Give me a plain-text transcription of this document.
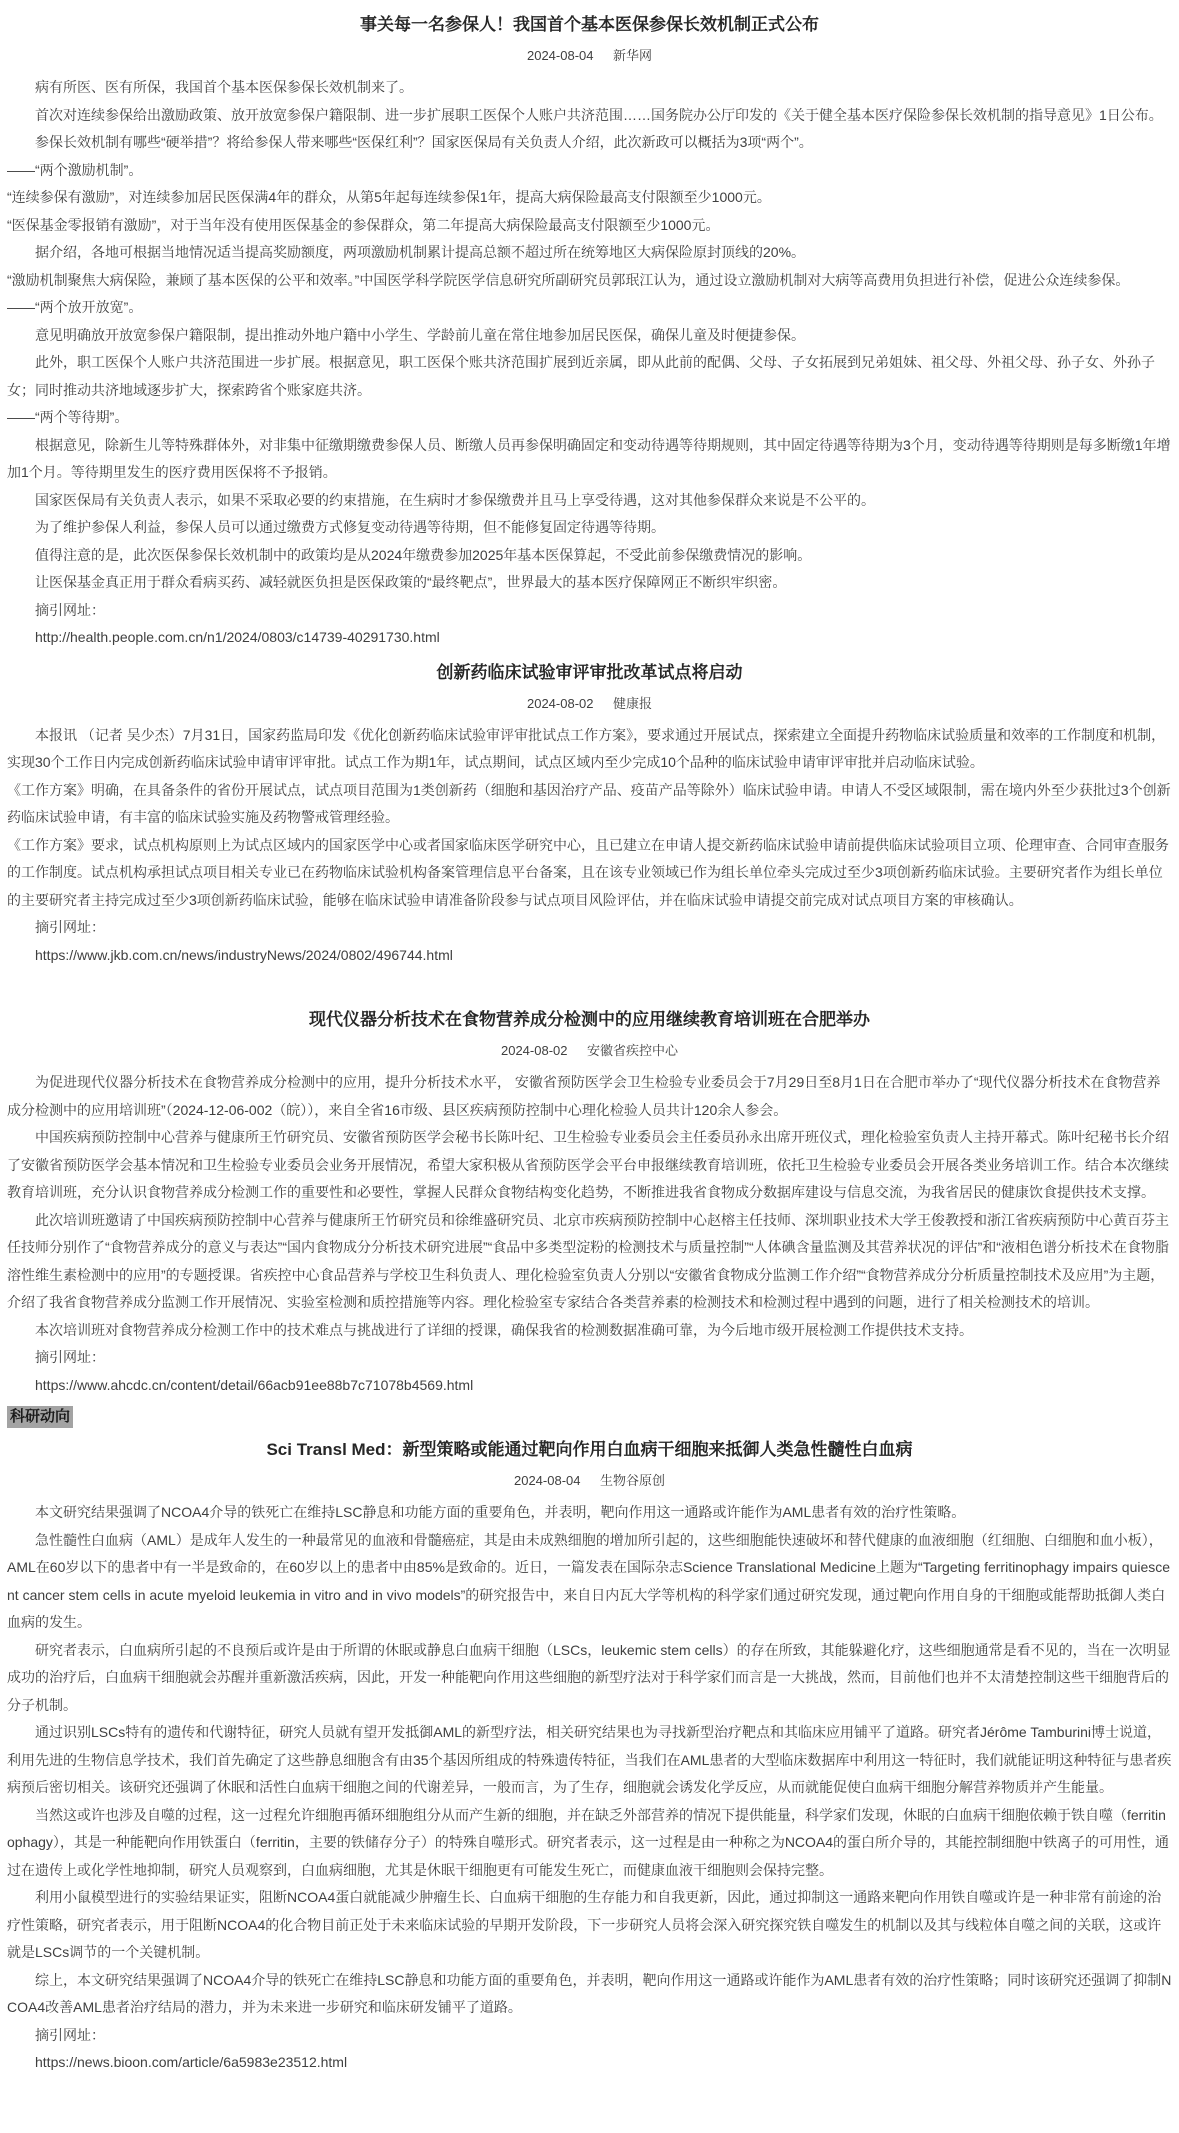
事关每一名参保人！我国首个基本医保参保长效机制正式公布
2024-08-04 新华网

病有所医、医有所保，我国首个基本医保参保长效机制来了。

首次对连续参保给出激励政策、放开放宽参保户籍限制、进一步扩展职工医保个人账户共济范围……国务院办公厅印发的《关于健全基本医疗保险参保长效机制的指导意见》1日公布。

参保长效机制有哪些“硬举措”？将给参保人带来哪些“医保红利”？国家医保局有关负责人介绍，此次新政可以概括为3项“两个”。

——“两个激励机制”。

“连续参保有激励”，对连续参加居民医保满4年的群众，从第5年起每连续参保1年，提高大病保险最高支付限额至少1000元。

“医保基金零报销有激励”，对于当年没有使用医保基金的参保群众，第二年提高大病保险最高支付限额至少1000元。

据介绍，各地可根据当地情况适当提高奖励额度，两项激励机制累计提高总额不超过所在统筹地区大病保险原封顶线的20%。

“激励机制聚焦大病保险，兼顾了基本医保的公平和效率。”中国医学科学院医学信息研究所副研究员郭珉江认为，通过设立激励机制对大病等高费用负担进行补偿，促进公众连续参保。

——“两个放开放宽”。

意见明确放开放宽参保户籍限制，提出推动外地户籍中小学生、学龄前儿童在常住地参加居民医保，确保儿童及时便捷参保。

此外，职工医保个人账户共济范围进一步扩展。根据意见，职工医保个账共济范围扩展到近亲属，即从此前的配偶、父母、子女拓展到兄弟姐妹、祖父母、外祖父母、孙子女、外孙子女；同时推动共济地域逐步扩大，探索跨省个账家庭共济。

——“两个等待期”。

根据意见，除新生儿等特殊群体外，对非集中征缴期缴费参保人员、断缴人员再参保明确固定和变动待遇等待期规则，其中固定待遇等待期为3个月，变动待遇等待期则是每多断缴1年增加1个月。等待期里发生的医疗费用医保将不予报销。

国家医保局有关负责人表示，如果不采取必要的约束措施，在生病时才参保缴费并且马上享受待遇，这对其他参保群众来说是不公平的。

为了维护参保人利益，参保人员可以通过缴费方式修复变动待遇等待期，但不能修复固定待遇等待期。

值得注意的是，此次医保参保长效机制中的政策均是从2024年缴费参加2025年基本医保算起，不受此前参保缴费情况的影响。

让医保基金真正用于群众看病买药、减轻就医负担是医保政策的“最终靶点”，世界最大的基本医疗保障网正不断织牢织密。

摘引网址：

http://health.people.com.cn/n1/2024/0803/c14739-40291730.html

创新药临床试验审评审批改革试点将启动
2024-08-02 健康报

本报讯 （记者 吴少杰）7月31日，国家药监局印发《优化创新药临床试验审评审批试点工作方案》，要求通过开展试点，探索建立全面提升药物临床试验质量和效率的工作制度和机制，实现30个工作日内完成创新药临床试验申请审评审批。试点工作为期1年，试点期间，试点区域内至少完成10个品种的临床试验申请审评审批并启动临床试验。

《工作方案》明确，在具备条件的省份开展试点，试点项目范围为1类创新药（细胞和基因治疗产品、疫苗产品等除外）临床试验申请。申请人不受区域限制，需在境内外至少获批过3个创新药临床试验申请，有丰富的临床试验实施及药物警戒管理经验。

《工作方案》要求，试点机构原则上为试点区域内的国家医学中心或者国家临床医学研究中心，且已建立在申请人提交新药临床试验申请前提供临床试验项目立项、伦理审查、合同审查服务的工作制度。试点机构承担试点项目相关专业已在药物临床试验机构备案管理信息平台备案，且在该专业领域已作为组长单位牵头完成过至少3项创新药临床试验。主要研究者作为组长单位的主要研究者主持完成过至少3项创新药临床试验，能够在临床试验申请准备阶段参与试点项目风险评估，并在临床试验申请提交前完成对试点项目方案的审核确认。

摘引网址：

https://www.jkb.com.cn/news/industryNews/2024/0802/496744.html

现代仪器分析技术在食物营养成分检测中的应用继续教育培训班在合肥举办
2024-08-02 安徽省疾控中心

为促进现代仪器分析技术在食物营养成分检测中的应用，提升分析技术水平， 安徽省预防医学会卫生检验专业委员会于7月29日至8月1日在合肥市举办了“现代仪器分析技术在食物营养成分检测中的应用培训班”（2024-12-06-002（皖）），来自全省16市级、县区疾病预防控制中心理化检验人员共计120余人参会。

中国疾病预防控制中心营养与健康所王竹研究员、安徽省预防医学会秘书长陈叶纪、卫生检验专业委员会主任委员孙永出席开班仪式，理化检验室负责人主持开幕式。陈叶纪秘书长介绍了安徽省预防医学会基本情况和卫生检验专业委员会业务开展情况，希望大家积极从省预防医学会平台申报继续教育培训班，依托卫生检验专业委员会开展各类业务培训工作。结合本次继续教育培训班，充分认识食物营养成分检测工作的重要性和必要性，掌握人民群众食物结构变化趋势，不断推进我省食物成分数据库建设与信息交流，为我省居民的健康饮食提供技术支撑。

此次培训班邀请了中国疾病预防控制中心营养与健康所王竹研究员和徐维盛研究员、北京市疾病预防控制中心赵榕主任技师、深圳职业技术大学王俊教授和浙江省疾病预防中心黄百芬主任技师分别作了“食物营养成分的意义与表达”“国内食物成分分析技术研究进展”“食品中多类型淀粉的检测技术与质量控制”“人体碘含量监测及其营养状况的评估”和“液相色谱分析技术在食物脂溶性维生素检测中的应用”的专题授课。省疾控中心食品营养与学校卫生科负责人、理化检验室负责人分别以“安徽省食物成分监测工作介绍”“食物营养成分分析质量控制技术及应用”为主题，介绍了我省食物营养成分监测工作开展情况、实验室检测和质控措施等内容。理化检验室专家结合各类营养素的检测技术和检测过程中遇到的问题，进行了相关检测技术的培训。

本次培训班对食物营养成分检测工作中的技术难点与挑战进行了详细的授课，确保我省的检测数据准确可靠，为今后地市级开展检测工作提供技术支持。

摘引网址：

https://www.ahcdc.cn/content/detail/66acb91ee88b7c71078b4569.html

科研动向
Sci Transl Med：新型策略或能通过靶向作用白血病干细胞来抵御人类急性髓性白血病
2024-08-04 生物谷原创

本文研究结果强调了NCOA4介导的铁死亡在维持LSC静息和功能方面的重要角色，并表明，靶向作用这一通路或许能作为AML患者有效的治疗性策略。

急性髓性白血病（AML）是成年人发生的一种最常见的血液和骨髓癌症，其是由未成熟细胞的增加所引起的，这些细胞能快速破坏和替代健康的血液细胞（红细胞、白细胞和血小板），AML在60岁以下的患者中有一半是致命的，在60岁以上的患者中由85%是致命的。近日，一篇发表在国际杂志Science Translational Medicine上题为“Targeting ferritinophagy impairs quiescent cancer stem cells in acute myeloid leukemia in vitro and in vivo models”的研究报告中，来自日内瓦大学等机构的科学家们通过研究发现，通过靶向作用自身的干细胞或能帮助抵御人类白血病的发生。

研究者表示，白血病所引起的不良预后或许是由于所谓的休眠或静息白血病干细胞（LSCs，leukemic stem cells）的存在所致，其能躲避化疗，这些细胞通常是看不见的，当在一次明显成功的治疗后，白血病干细胞就会苏醒并重新激活疾病，因此，开发一种能靶向作用这些细胞的新型疗法对于科学家们而言是一大挑战，然而，目前他们也并不太清楚控制这些干细胞背后的分子机制。

通过识别LSCs特有的遗传和代谢特征，研究人员就有望开发抵御AML的新型疗法，相关研究结果也为寻找新型治疗靶点和其临床应用铺平了道路。研究者Jérôme Tamburini博士说道，利用先进的生物信息学技术，我们首先确定了这些静息细胞含有由35个基因所组成的特殊遗传特征，当我们在AML患者的大型临床数据库中利用这一特征时，我们就能证明这种特征与患者疾病预后密切相关。该研究还强调了休眠和活性白血病干细胞之间的代谢差异，一般而言，为了生存，细胞就会诱发化学反应，从而就能促使白血病干细胞分解营养物质并产生能量。

当然这或许也涉及自噬的过程，这一过程允许细胞再循环细胞组分从而产生新的细胞，并在缺乏外部营养的情况下提供能量，科学家们发现，休眠的白血病干细胞依赖于铁自噬（ferritinophagy），其是一种能靶向作用铁蛋白（ferritin，主要的铁储存分子）的特殊自噬形式。研究者表示，这一过程是由一种称之为NCOA4的蛋白所介导的，其能控制细胞中铁离子的可用性，通过在遗传上或化学性地抑制，研究人员观察到，白血病细胞，尤其是休眠干细胞更有可能发生死亡，而健康血液干细胞则会保持完整。

利用小鼠模型进行的实验结果证实，阻断NCOA4蛋白就能减少肿瘤生长、白血病干细胞的生存能力和自我更新，因此，通过抑制这一通路来靶向作用铁自噬或许是一种非常有前途的治疗性策略，研究者表示，用于阻断NCOA4的化合物目前正处于未来临床试验的早期开发阶段，下一步研究人员将会深入研究探究铁自噬发生的机制以及其与线粒体自噬之间的关联，这或许就是LSCs调节的一个关键机制。

综上，本文研究结果强调了NCOA4介导的铁死亡在维持LSC静息和功能方面的重要角色，并表明，靶向作用这一通路或许能作为AML患者有效的治疗性策略；同时该研究还强调了抑制NCOA4改善AML患者治疗结局的潜力，并为未来进一步研究和临床研发铺平了道路。

摘引网址：

https://news.bioon.com/article/6a5983e23512.html
